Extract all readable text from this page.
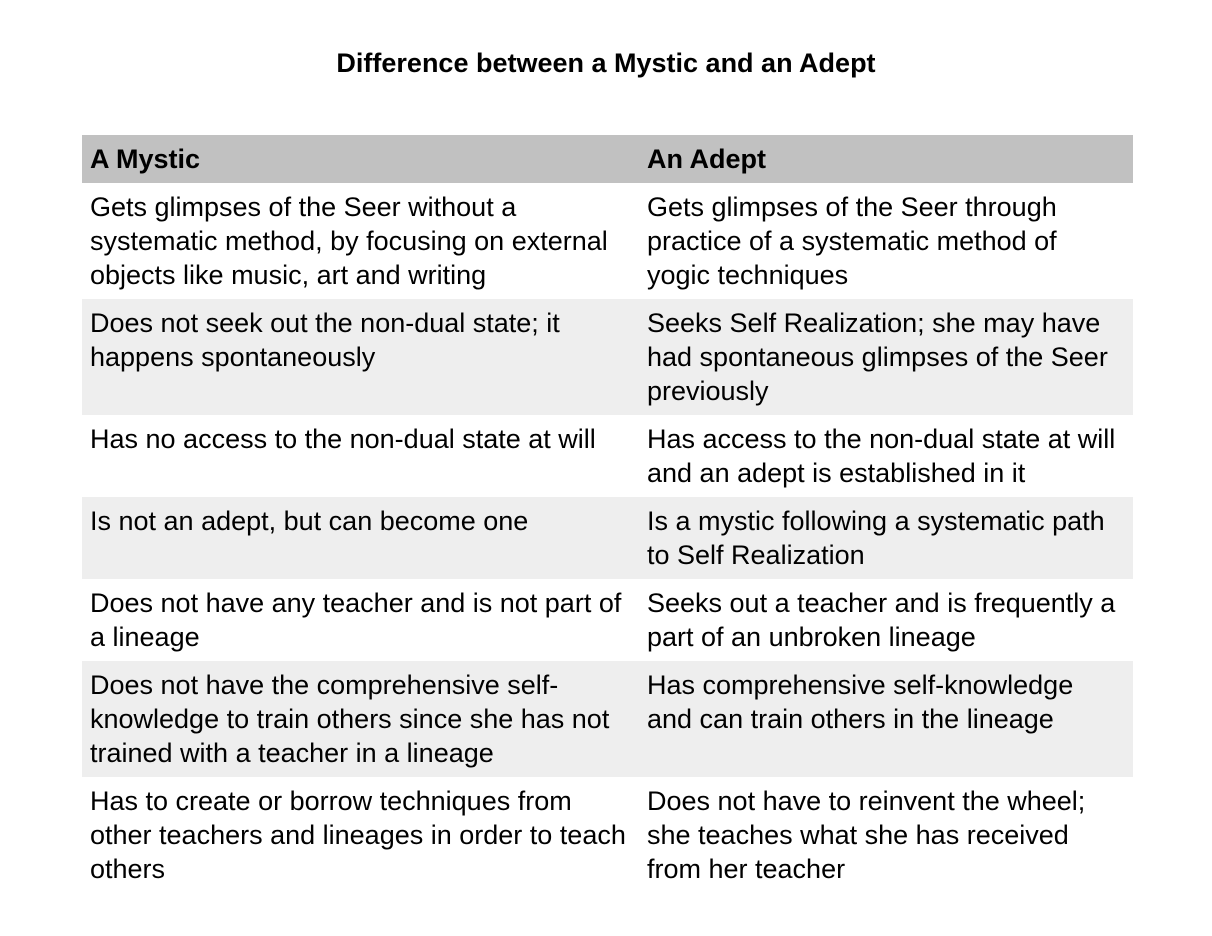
Difference between a Mystic and an Adept
A Mystic	An Adept
Gets glimpses of the Seer without a systematic method, by focusing on external objects like music, art and writing	Gets glimpses of the Seer through practice of a systematic method of yogic techniques
Does not seek out the non-dual state; it happens spontaneously	Seeks Self Realization; she may have had spontaneous glimpses of the Seer previously
Has no access to the non-dual state at will	Has access to the non-dual state at will and an adept is established in it
Is not an adept, but can become one	Is a mystic following a systematic path to Self Realization
Does not have any teacher and is not part of a lineage	Seeks out a teacher and is frequently a part of an unbroken lineage
Does not have the comprehensive self-knowledge to train others since she has not trained with a teacher in a lineage	Has comprehensive self-knowledge and can train others in the lineage
Has to create or borrow techniques from other teachers and lineages in order to teach others	Does not have to reinvent the wheel; she teaches what she has received from her teacher
